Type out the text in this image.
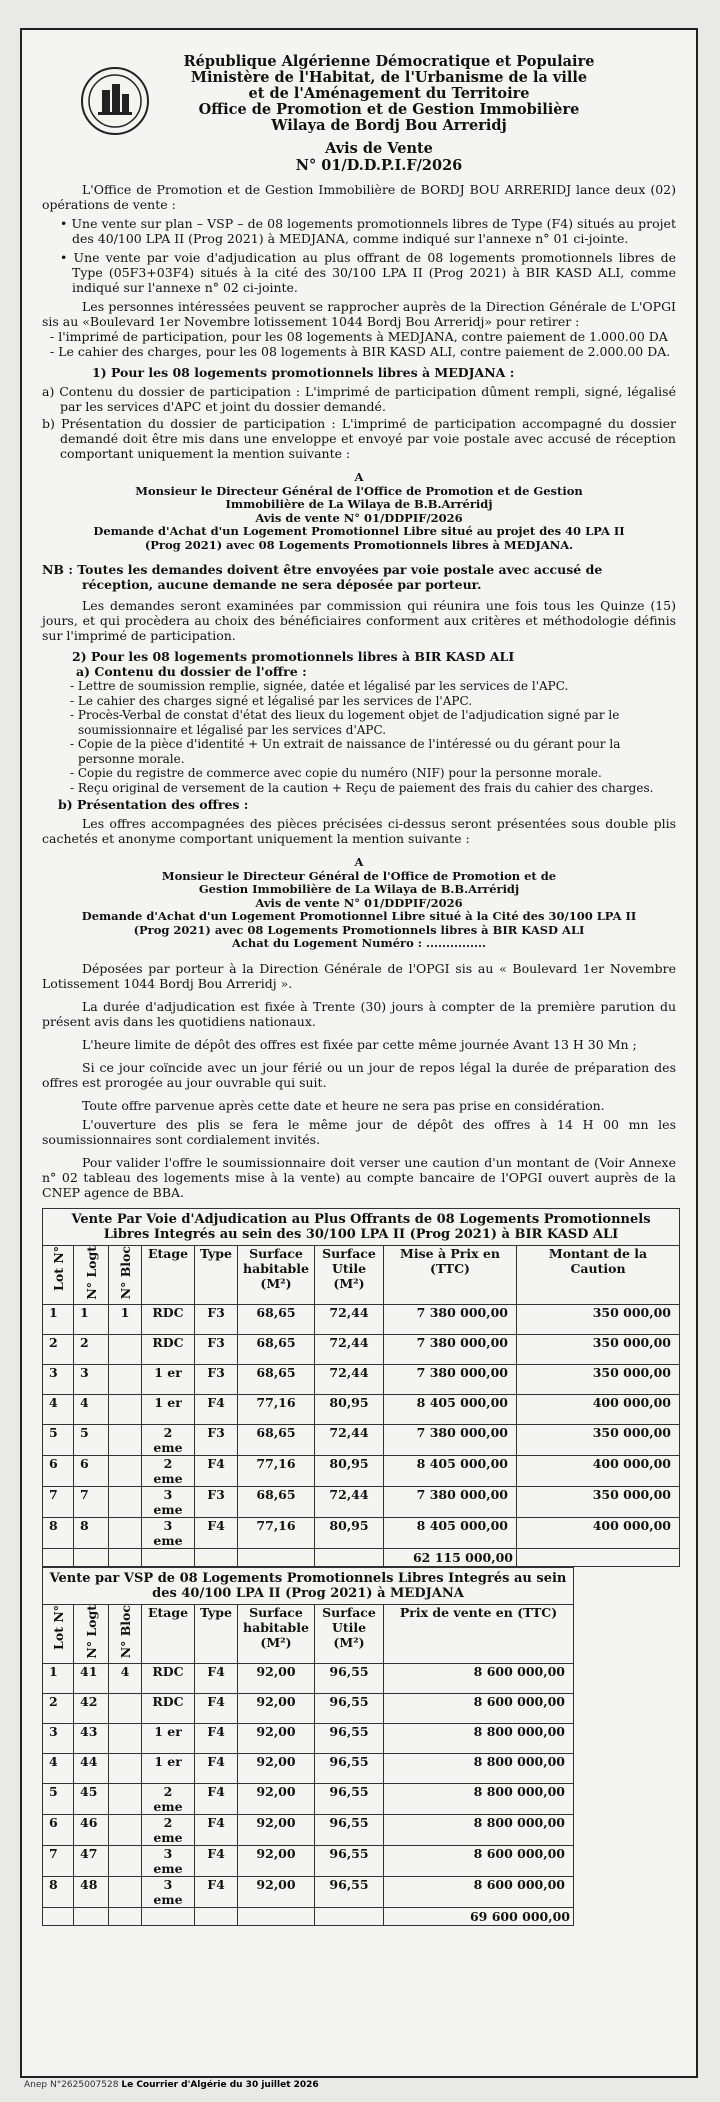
République Algérienne Démocratique et Populaire
Ministère de l'Habitat, de l'Urbanisme de la ville
et de l'Aménagement du Territoire
Office de Promotion et de Gestion Immobilière
Wilaya de Bordj Bou Arreridj
Avis de Vente
N° 01/D.D.P.I.F/2026

L'Office de Promotion et de Gestion Immobilière de BORDJ BOU ARRERIDJ lance deux (02) opérations de vente :

• Une vente sur plan – VSP – de 08 logements promotionnels libres de Type (F4) situés au projet des 40/100 LPA II (Prog 2021) à MEDJANA, comme indiqué sur l'annexe n° 01 ci-jointe.

• Une vente par voie d'adjudication au plus offrant de 08 logements promotionnels libres de Type (05F3+03F4) situés à la cité des 30/100 LPA II (Prog 2021) à BIR KASD ALI, comme indiqué sur l'annexe n° 02 ci-jointe.

Les personnes intéressées peuvent se rapprocher auprès de la Direction Générale de L'OPGI sis au «Boulevard 1er Novembre lotissement 1044 Bordj Bou Arreridj» pour retirer :

- l'imprimé de participation, pour les 08 logements à MEDJANA, contre paiement de 1.000.00 DA

- Le cahier des charges, pour les 08 logements à BIR KASD ALI, contre paiement de 2.000.00 DA.

1) Pour les 08 logements promotionnels libres à MEDJANA :

a) Contenu du dossier de participation : L'imprimé de participation dûment rempli, signé, légalisé par les services d'APC et joint du dossier demandé.

b) Présentation du dossier de participation : L'imprimé de participation accompagné du dossier demandé doit être mis dans une enveloppe et envoyé par voie postale avec accusé de réception comportant uniquement la mention suivante :

A
Monsieur le Directeur Général de l'Office de Promotion et de Gestion
Immobilière de La Wilaya de B.B.Arréridj
Avis de vente N° 01/DDPIF/2026
Demande d'Achat d'un Logement Promotionnel Libre situé au projet des 40 LPA II
(Prog 2021) avec 08 Logements Promotionnels libres à MEDJANA.

NB : Toutes les demandes doivent être envoyées par voie postale avec accusé de réception, aucune demande ne sera déposée par porteur.

Les demandes seront examinées par commission qui réunira une fois tous les Quinze (15) jours, et qui procèdera au choix des bénéficiaires conforment aux critères et méthodologie définis sur l'imprimé de participation.

2) Pour les 08 logements promotionnels libres à BIR KASD ALI
a) Contenu du dossier de l'offre :
- Lettre de soumission remplie, signée, datée et légalisé par les services de l'APC.
- Le cahier des charges signé et légalisé par les services de l'APC.
- Procès-Verbal de constat d'état des lieux du logement objet de l'adjudication signé par le soumissionnaire et légalisé par les services d'APC.
- Copie de la pièce d'identité + Un extrait de naissance de l'intéressé ou du gérant pour la personne morale.
- Copie du registre de commerce avec copie du numéro (NIF) pour la personne morale.
- Reçu original de versement de la caution + Reçu de paiement des frais du cahier des charges.
b) Présentation des offres :

Les offres accompagnées des pièces précisées ci-dessus seront présentées sous double plis cachetés et anonyme comportant uniquement la mention suivante :

A
Monsieur le Directeur Général de l'Office de Promotion et de
Gestion Immobilière de La Wilaya de B.B.Arréridj
Avis de vente N° 01/DDPIF/2026
Demande d'Achat d'un Logement Promotionnel Libre situé à la Cité des 30/100 LPA II
(Prog 2021) avec 08 Logements Promotionnels libres à BIR KASD ALI
Achat du Logement Numéro : ...............

Déposées par porteur à la Direction Générale de l'OPGI sis au « Boulevard 1er Novembre Lotissement 1044 Bordj Bou Arreridj ».

La durée d'adjudication est fixée à Trente (30) jours à compter de la première parution du présent avis dans les quotidiens nationaux.

L'heure limite de dépôt des offres est fixée par cette même journée Avant 13 H 30 Mn ;

Si ce jour coïncide avec un jour férié ou un jour de repos légal la durée de préparation des offres est prorogée au jour ouvrable qui suit.

Toute offre parvenue après cette date et heure ne sera pas prise en considération.

L'ouverture des plis se fera le même jour de dépôt des offres à 14 H 00 mn les soumissionnaires sont cordialement invités.

Pour valider l'offre le soumissionnaire doit verser une caution d'un montant de (Voir Annexe n° 02 tableau des logements mise à la vente) au compte bancaire de l'OPGI ouvert auprès de la CNEP agence de BBA.

Vente Par Voie d'Adjudication au Plus Offrants de 08 Logements Promotionnels Libres Integrés au sein des 30/100 LPA II (Prog 2021) à BIR KASD ALI								
Lot N°	N° Logt	N° Bloc	Etage	Type	Surface habitable (M²)	Surface Utile (M²)	Mise à Prix en (TTC)	Montant de la Caution
1	1	1	RDC	F3	68,65	72,44	7 380 000,00	350 000,00
2	2		RDC	F3	68,65	72,44	7 380 000,00	350 000,00
3	3		1 er	F3	68,65	72,44	7 380 000,00	350 000,00
4	4		1 er	F4	77,16	80,95	8 405 000,00	400 000,00
5	5		2
eme	F3	68,65	72,44	7 380 000,00	350 000,00
6	6		2
eme	F4	77,16	80,95	8 405 000,00	400 000,00
7	7		3
eme	F3	68,65	72,44	7 380 000,00	350 000,00
8	8		3
eme	F4	77,16	80,95	8 405 000,00	400 000,00
							62 115 000,00	
Vente par VSP de 08 Logements Promotionnels Libres Integrés au sein des 40/100 LPA II (Prog 2021) à MEDJANA							
Lot N°	N° Logt	N° Bloc	Etage	Type	Surface habitable (M²)	Surface Utile (M²)	Prix de vente en (TTC)
1	41	4	RDC	F4	92,00	96,55	8 600 000,00
2	42		RDC	F4	92,00	96,55	8 600 000,00
3	43		1 er	F4	92,00	96,55	8 800 000,00
4	44		1 er	F4	92,00	96,55	8 800 000,00
5	45		2
eme	F4	92,00	96,55	8 800 000,00
6	46		2
eme	F4	92,00	96,55	8 800 000,00
7	47		3
eme	F4	92,00	96,55	8 600 000,00
8	48		3
eme	F4	92,00	96,55	8 600 000,00
							69 600 000,00
Anep N°2625007528 Le Courrier d'Algérie du 30 juillet 2026
